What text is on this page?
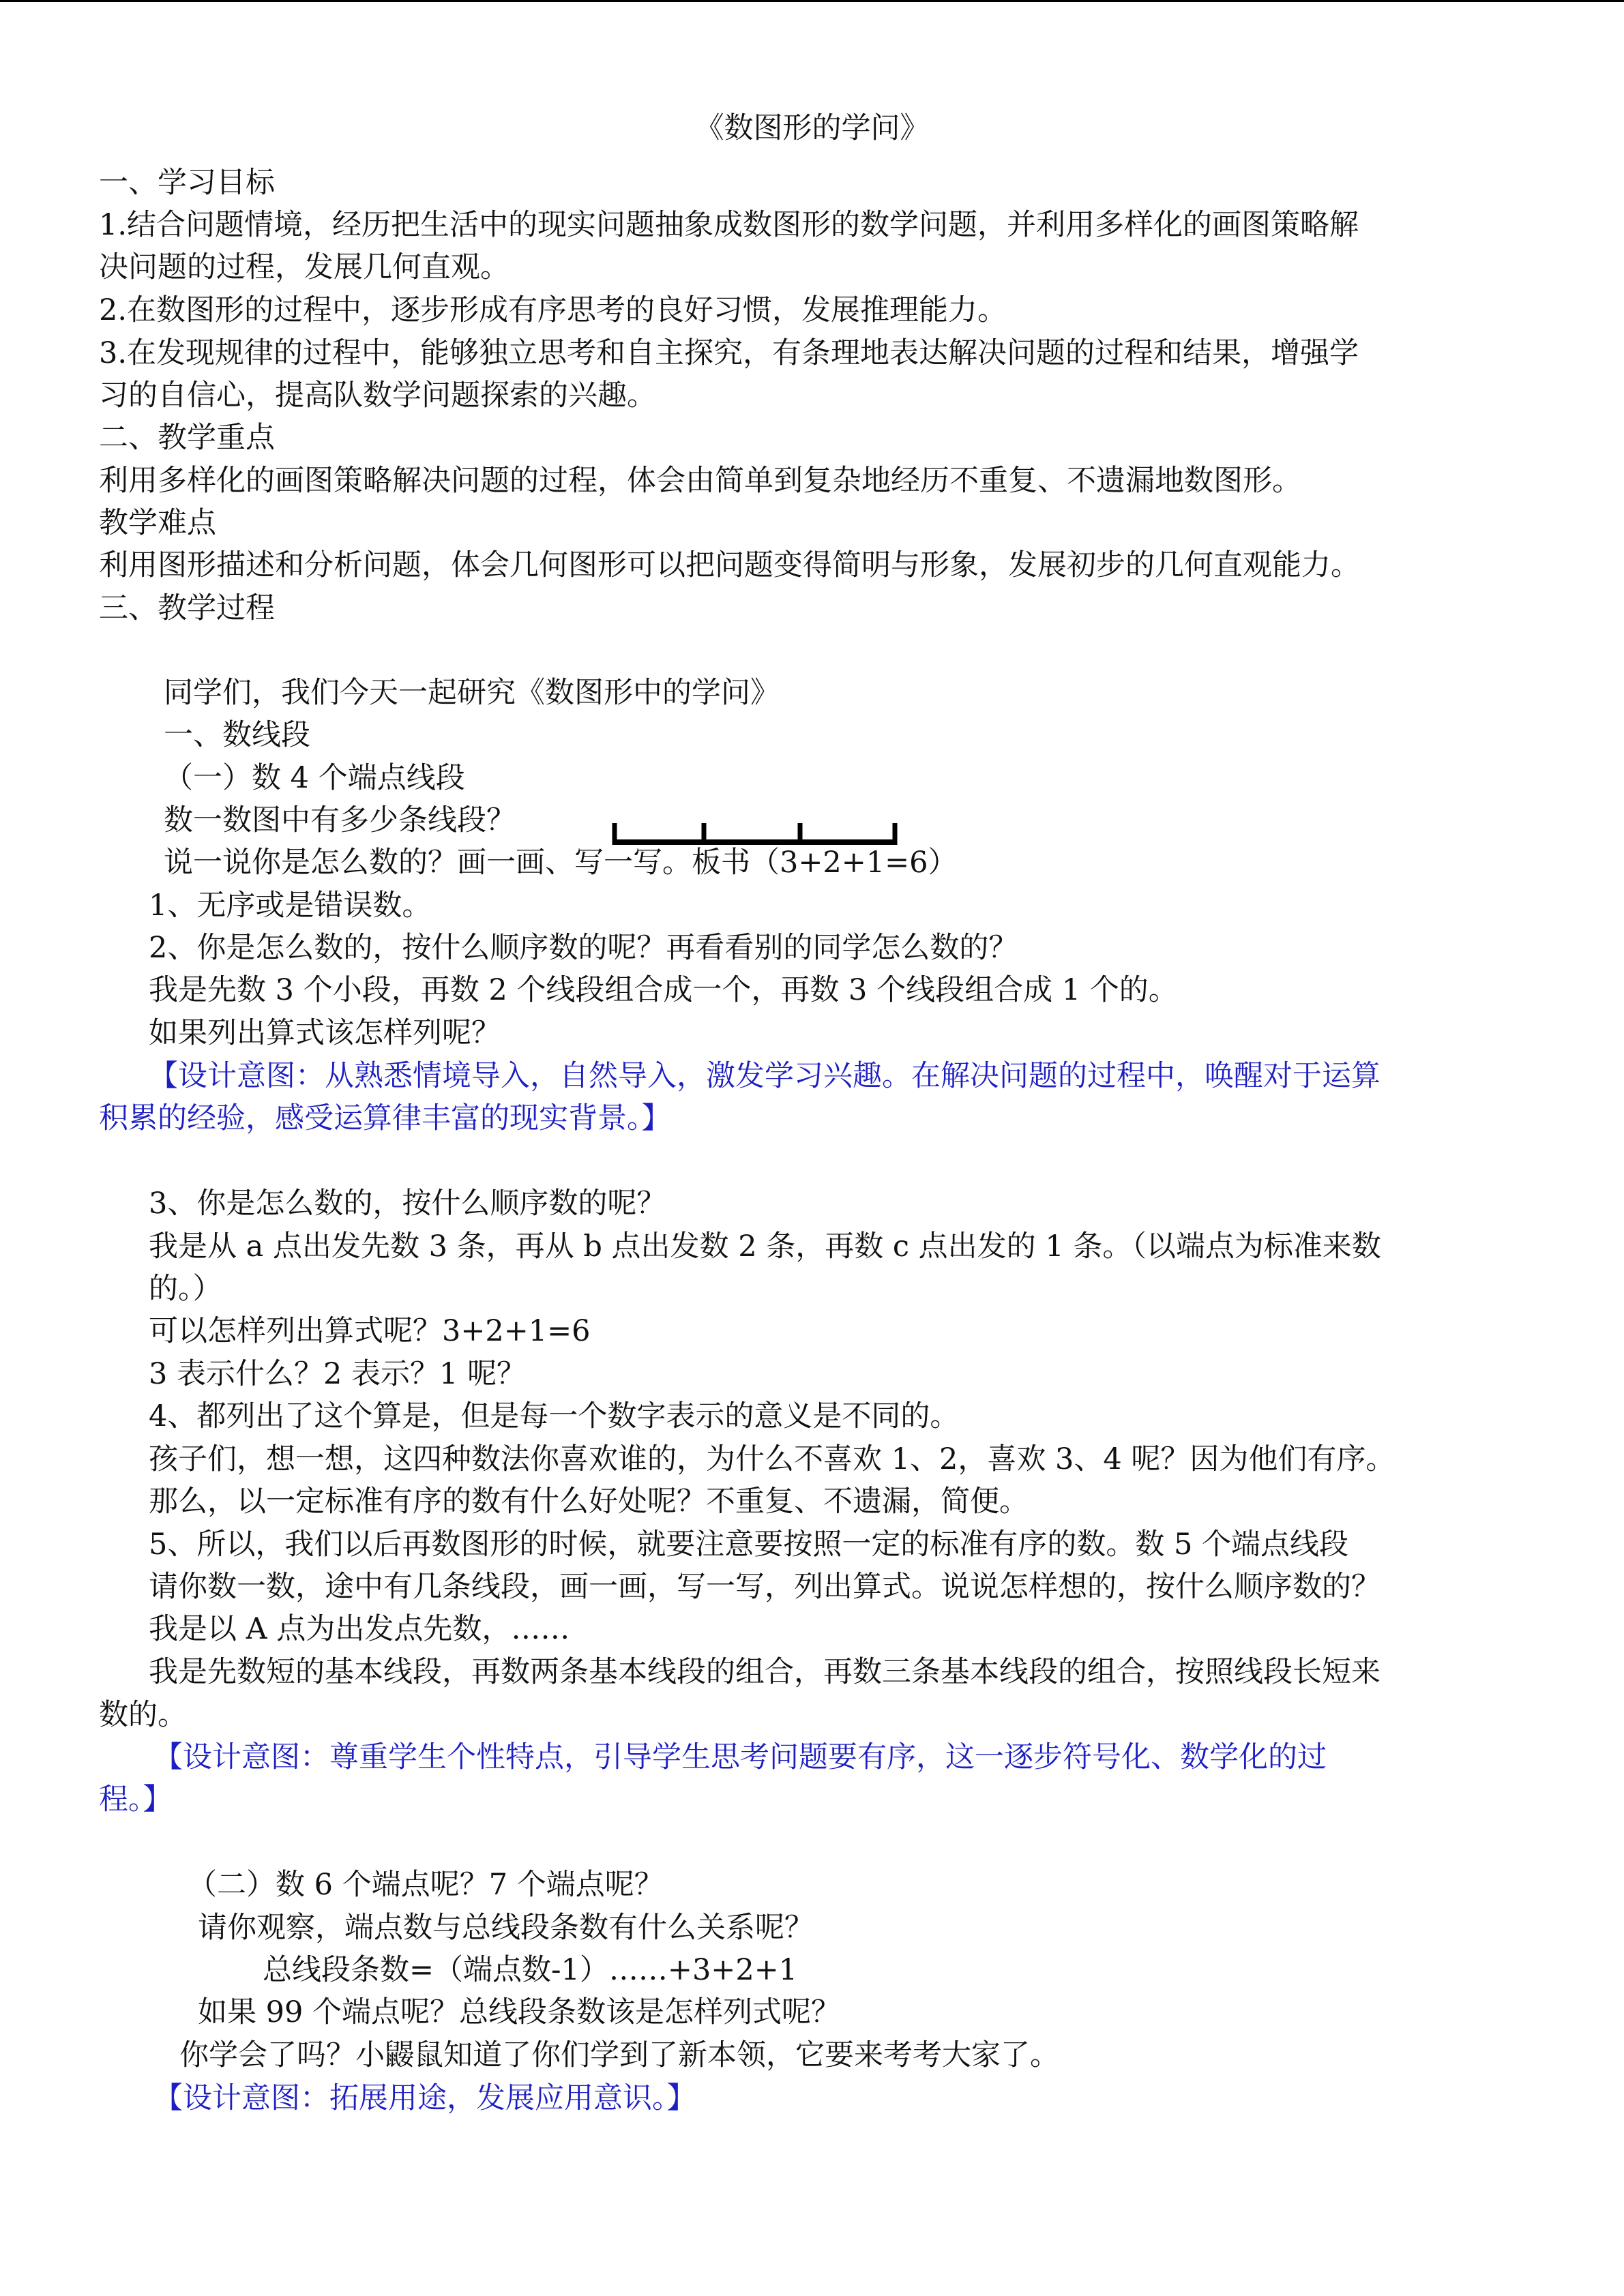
《数图形的学问》
一、学习目标
1.结合问题情境，经历把生活中的现实问题抽象成数图形的数学问题，并利用多样化的画图策略解
决问题的过程，发展几何直观。
2.在数图形的过程中，逐步形成有序思考的良好习惯，发展推理能力。
3.在发现规律的过程中，能够独立思考和自主探究，有条理地表达解决问题的过程和结果，增强学
习的自信心，提高队数学问题探索的兴趣。
二、教学重点
利用多样化的画图策略解决问题的过程，体会由简单到复杂地经历不重复、不遗漏地数图形。
教学难点
利用图形描述和分析问题，体会几何图形可以把问题变得简明与形象，发展初步的几何直观能力。
三、教学过程
同学们，我们今天一起研究《数图形中的学问》
一、数线段
（一）数 4 个端点线段
数一数图中有多少条线段？
说一说你是怎么数的？画一画、写一写。板书（3+2+1=6）
1、无序或是错误数。
2、你是怎么数的，按什么顺序数的呢？再看看别的同学怎么数的？
我是先数 3 个小段，再数 2 个线段组合成一个，再数 3 个线段组合成 1 个的。
如果列出算式该怎样列呢？
【设计意图：从熟悉情境导入，自然导入，激发学习兴趣。在解决问题的过程中，唤醒对于运算
积累的经验，感受运算律丰富的现实背景。】
3、你是怎么数的，按什么顺序数的呢？
我是从 a 点出发先数 3 条，再从 b 点出发数 2 条，再数 c 点出发的 1 条。（以端点为标准来数
的。）
可以怎样列出算式呢？3+2+1=6
3 表示什么？2 表示？1 呢？
4、都列出了这个算是，但是每一个数字表示的意义是不同的。
孩子们，想一想，这四种数法你喜欢谁的，为什么不喜欢 1、2，喜欢 3、4 呢？因为他们有序。
那么，以一定标准有序的数有什么好处呢？不重复、不遗漏，简便。
5、所以，我们以后再数图形的时候，就要注意要按照一定的标准有序的数。数 5 个端点线段
请你数一数，途中有几条线段，画一画，写一写，列出算式。说说怎样想的，按什么顺序数的？
我是以 A 点为出发点先数，……
我是先数短的基本线段，再数两条基本线段的组合，再数三条基本线段的组合，按照线段长短来
数的。
【设计意图：尊重学生个性特点，引导学生思考问题要有序，这一逐步符号化、数学化的过
程。】
（二）数 6 个端点呢？7 个端点呢？
请你观察，端点数与总线段条数有什么关系呢？
总线段条数=（端点数-1）……+3+2+1
如果 99 个端点呢？总线段条数该是怎样列式呢？
你学会了吗？小鼹鼠知道了你们学到了新本领，它要来考考大家了。
【设计意图：拓展用途，发展应用意识。】
